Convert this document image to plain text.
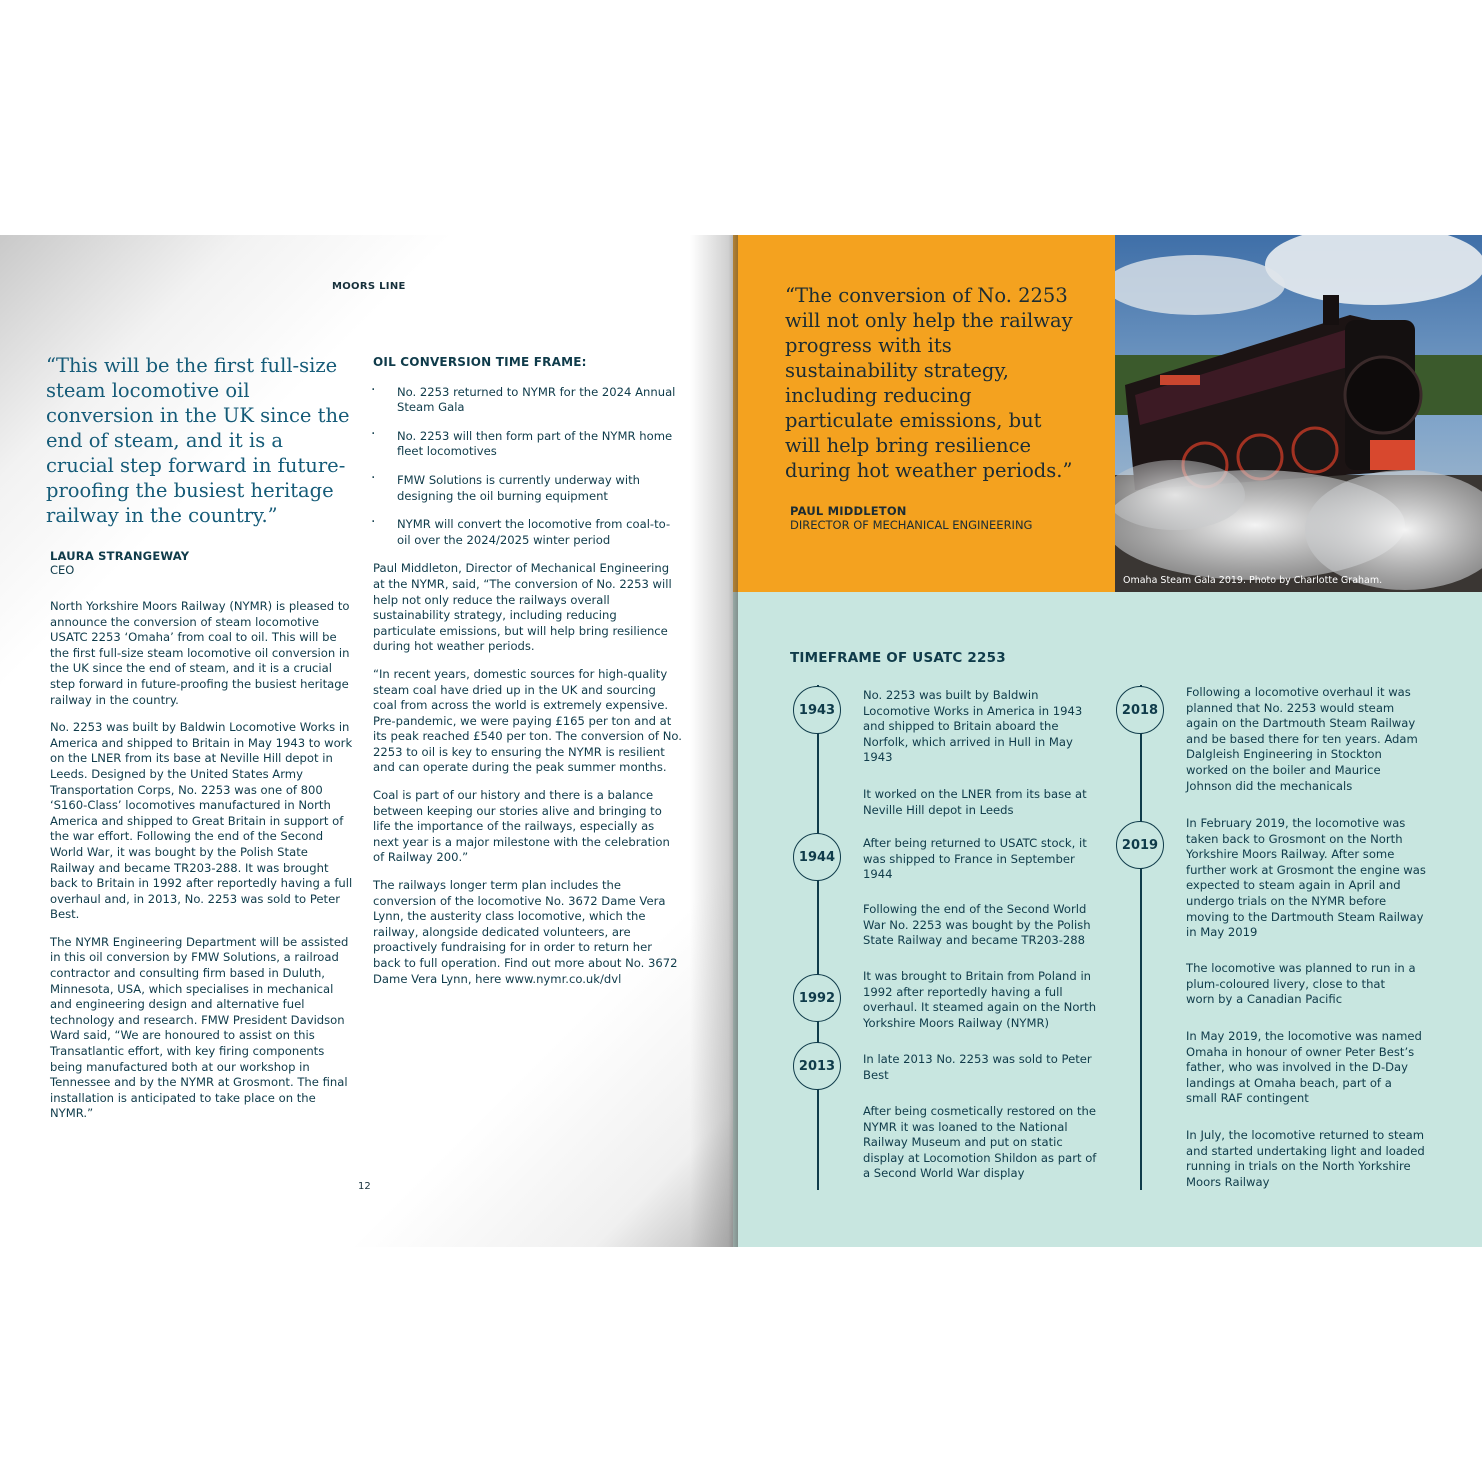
MOORS LINE
“This will be the first full-size steam locomotive oil conversion in the UK since the end of steam, and it is a crucial step forward in future-proofing the busiest heritage railway in the country.”
LAURA STRANGEWAY
CEO

North Yorkshire Moors Railway (NYMR) is pleased to announce the conversion of steam locomotive USATC 2253 ‘Omaha’ from coal to oil. This will be the first full-size steam locomotive oil conversion in the UK since the end of steam, and it is a crucial step forward in future-proofing the busiest heritage railway in the country.

No. 2253 was built by Baldwin Locomotive Works in America and shipped to Britain in May 1943 to work on the LNER from its base at Neville Hill depot in Leeds. Designed by the United States Army Transportation Corps, No. 2253 was one of 800 ‘S160-Class’ locomotives manufactured in North America and shipped to Great Britain in support of the war effort. Following the end of the Second World War, it was bought by the Polish State Railway and became TR203-288. It was brought back to Britain in 1992 after reportedly having a full overhaul and, in 2013, No. 2253 was sold to Peter Best.

The NYMR Engineering Department will be assisted in this oil conversion by FMW Solutions, a railroad contractor and consulting firm based in Duluth, Minnesota, USA, which specialises in mechanical and engineering design and alternative fuel technology and research. FMW President Davidson Ward said, “We are honoured to assist on this Transatlantic effort, with key firing components being manufactured both at our workshop in Tennessee and by the NYMR at Grosmont. The final installation is anticipated to take place on the NYMR.”

OIL CONVERSION TIME FRAME:
· No. 2253 returned to NYMR for the 2024 Annual Steam Gala
· No. 2253 will then form part of the NYMR home fleet locomotives
· FMW Solutions is currently underway with designing the oil burning equipment
· NYMR will convert the locomotive from coal-to-oil over the 2024/2025 winter period

Paul Middleton, Director of Mechanical Engineering at the NYMR, said, “The conversion of No. 2253 will help not only reduce the railways overall sustainability strategy, including reducing particulate emissions, but will help bring resilience during hot weather periods.

“In recent years, domestic sources for high-quality steam coal have dried up in the UK and sourcing coal from across the world is extremely expensive. Pre-pandemic, we were paying £165 per ton and at its peak reached £540 per ton. The conversion of No. 2253 to oil is key to ensuring the NYMR is resilient and can operate during the peak summer months.

Coal is part of our history and there is a balance between keeping our stories alive and bringing to life the importance of the railways, especially as next year is a major milestone with the celebration of Railway 200.”

The railways longer term plan includes the conversion of the locomotive No. 3672 Dame Vera Lynn, the austerity class locomotive, which the railway, alongside dedicated volunteers, are proactively fundraising for in order to return her back to full operation. Find out more about No. 3672 Dame Vera Lynn, here www.nymr.co.uk/dvl

12
“The conversion of No. 2253 will not only help the railway progress with its sustainability strategy, including reducing particulate emissions, but will help bring resilience during hot weather periods.”
PAUL MIDDLETON
DIRECTOR OF MECHANICAL ENGINEERING
Omaha Steam Gala 2019. Photo by Charlotte Graham.
TIMEFRAME OF USATC 2253
1943
1944
1992
2013
No. 2253 was built by Baldwin Locomotive Works in America in 1943 and shipped to Britain aboard the Norfolk, which arrived in Hull in May 1943
It worked on the LNER from its base at Neville Hill depot in Leeds
After being returned to USATC stock, it was shipped to France in September 1944
Following the end of the Second World War No. 2253 was bought by the Polish State Railway and became TR203-288
It was brought to Britain from Poland in 1992 after reportedly having a full overhaul. It steamed again on the North Yorkshire Moors Railway (NYMR)
In late 2013 No. 2253 was sold to Peter Best
After being cosmetically restored on the NYMR it was loaned to the National Railway Museum and put on static display at Locomotion Shildon as part of a Second World War display
2018
2019
Following a locomotive overhaul it was planned that No. 2253 would steam again on the Dartmouth Steam Railway and be based there for ten years. Adam Dalgleish Engineering in Stockton worked on the boiler and Maurice Johnson did the mechanicals
In February 2019, the locomotive was taken back to Grosmont on the North Yorkshire Moors Railway. After some further work at Grosmont the engine was expected to steam again in April and undergo trials on the NYMR before moving to the Dartmouth Steam Railway in May 2019
The locomotive was planned to run in a plum-coloured livery, close to that worn by a Canadian Pacific
In May 2019, the locomotive was named Omaha in honour of owner Peter Best’s father, who was involved in the D-Day landings at Omaha beach, part of a small RAF contingent
In July, the locomotive returned to steam and started undertaking light and loaded running in trials on the North Yorkshire Moors Railway
